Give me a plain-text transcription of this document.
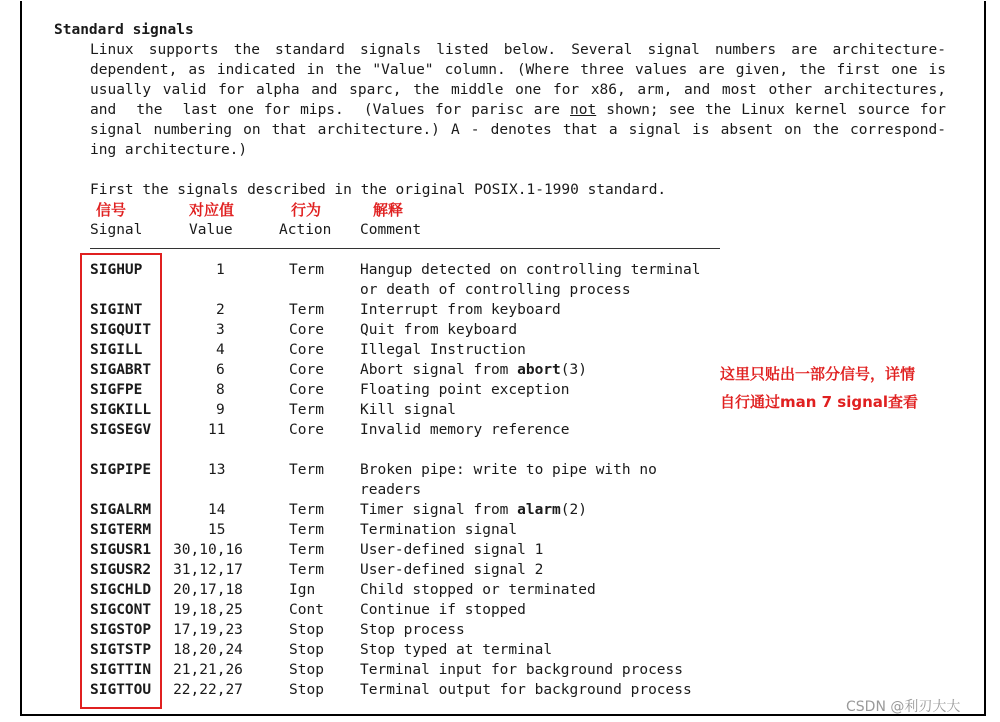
Standard signals
Linux supports the standard signals listed below. Several signal numbers are architecture-
dependent, as indicated in the "Value" column. (Where three values are given, the first one is
usually valid for alpha and sparc, the middle one for x86, arm, and most other architectures,
and  the  last one for mips.  (Values for parisc are not shown; see the Linux kernel source for
signal numbering on that architecture.) A - denotes that a signal is absent on the correspond-
ing architecture.)
First the signals described in the original POSIX.1-1990 standard.
信号	对应值	行为	解释
Signal	Value	Action Comment
SIGHUP	1	Term Hangup detected on controlling terminal
or death of controlling process
SIGINT	2	Term Interrupt from keyboard
SIGQUIT	3	Core Quit from keyboard
SIGILL	4	Core Illegal Instruction
SIGABRT	6	Core Abort signal from abort(3)
SIGFPE	8	Core Floating point exception
SIGKILL	9	Term Kill signal
SIGSEGV	11	Core Invalid memory reference
SIGPIPE	13	Term Broken pipe: write to pipe with no
readers
SIGALRM	14	Term Timer signal from alarm(2)
SIGTERM	15	Term Termination signal
SIGUSR1	30,10,16	Term User-defined signal 1
SIGUSR2	31,12,17	Term User-defined signal 2
SIGCHLD	20,17,18	Ign	Child stopped or terminated
SIGCONT	19,18,25	Cont Continue if stopped
SIGSTOP	17,19,23	Stop Stop process
SIGTSTP	18,20,24	Stop Stop typed at terminal
SIGTTIN	21,21,26	Stop Terminal input for background process
SIGTTOU	22,22,27	Stop Terminal output for background process
这里只贴出一部分信号，详情
自行通过man 7 signal查看
CSDN @利刃大大
